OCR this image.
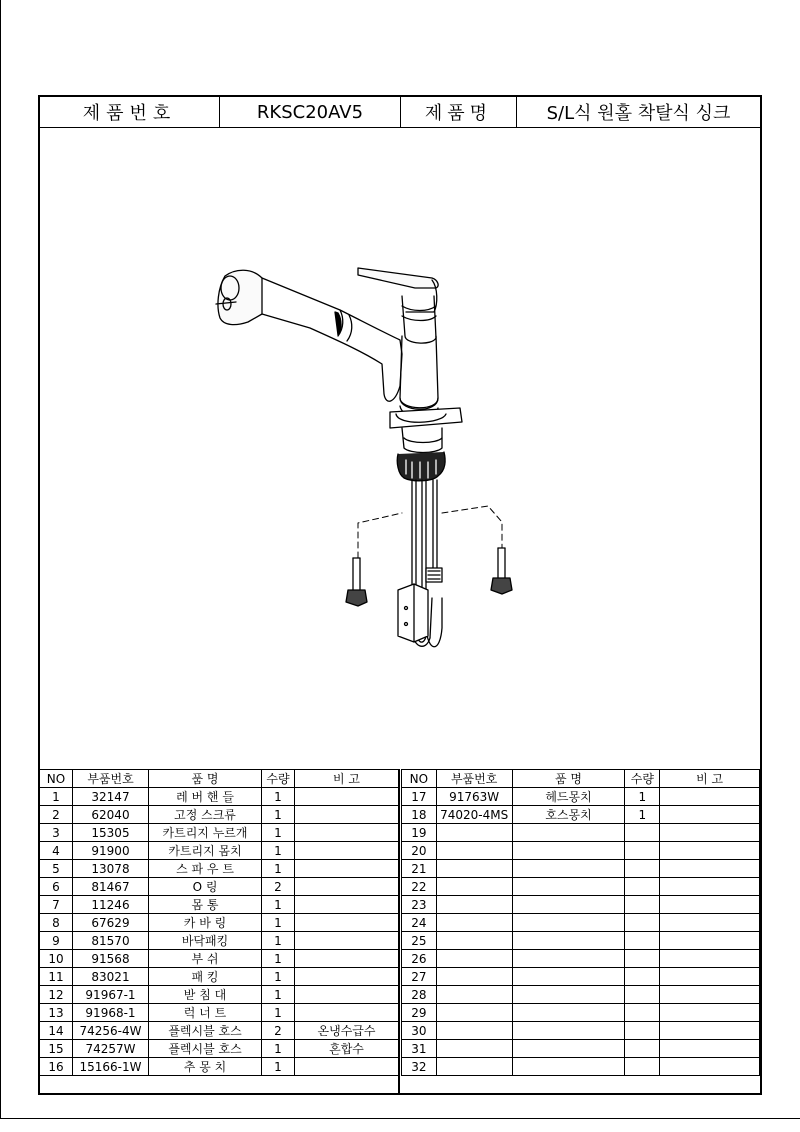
제품번호	RKSC20AV5	제품명	S/L식 원홀 착탈식 싱크
NO	부품번호	품 명	수량	비 고
1	32147	레 버 핸 들	1	
2	62040	고정 스크류	1	
3	15305	카트리지 누르개	1	
4	91900	카트리지 몸치	1	
5	13078	스 파 우 트	1	
6	81467	O 링	2	
7	11246	몸 통	1	
8	67629	카 바 링	1	
9	81570	바닥패킹	1	
10	91568	부 쉬	1	
11	83021	패 킹	1	
12	91967-1	받 침 대	1	
13	91968-1	럭 너 트	1	
14	74256-4W	플렉시블 호스	2	온냉수급수
15	74257W	플렉시블 호스	1	혼합수
16	15166-1W	추 몽 치	1	
NO	부품번호	품 명	수량	비 고
17	91763W	헤드몽치	1	
18	74020-4MS	호스몽치	1	
19				
20				
21				
22				
23				
24				
25				
26				
27				
28				
29				
30				
31				
32				
